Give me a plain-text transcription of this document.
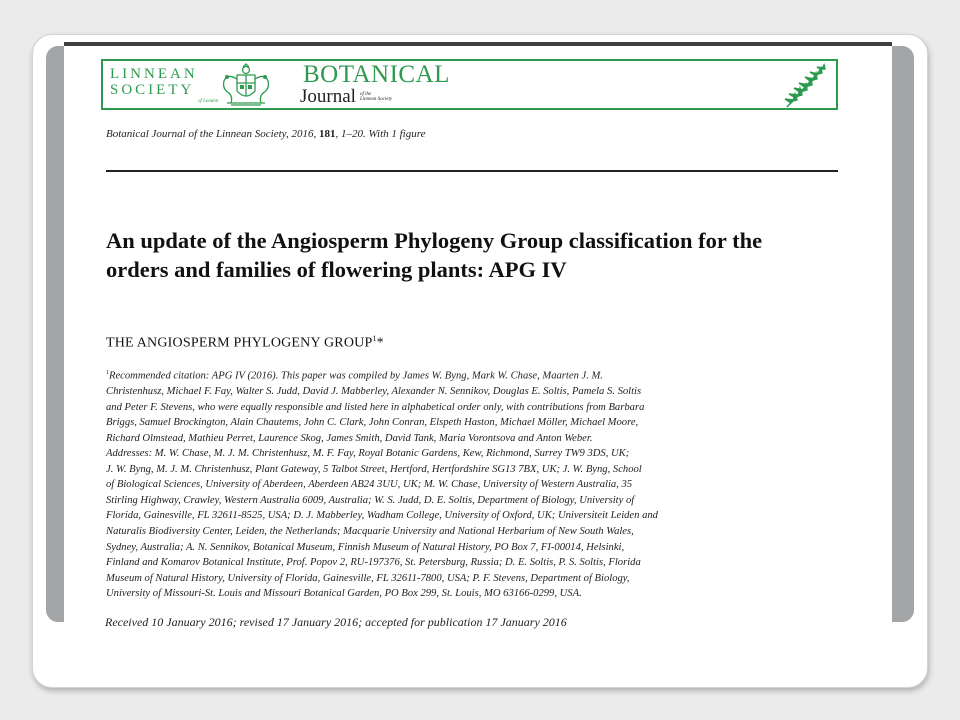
LINNEAN
SOCIETY
of London
BOTANICAL
Journal of the
Linnean Society
Botanical Journal of the Linnean Society, 2016, 181, 1–20. With 1 figure
An update of the Angiosperm Phylogeny Group classification for the orders and families of flowering plants: APG IV
THE ANGIOSPERM PHYLOGENY GROUP$^1$*

$^1$Recommended citation: APG IV (2016). This paper was compiled by James W. Byng, Mark W. Chase, Maarten J. M.

Christenhusz, Michael F. Fay, Walter S. Judd, David J. Mabberley, Alexander N. Sennikov, Douglas E. Soltis, Pamela S. Soltis

and Peter F. Stevens, who were equally responsible and listed here in alphabetical order only, with contributions from Barbara

Briggs, Samuel Brockington, Alain Chautems, John C. Clark, John Conran, Elspeth Haston, Michael Möller, Michael Moore,

Richard Olmstead, Mathieu Perret, Laurence Skog, James Smith, David Tank, Maria Vorontsova and Anton Weber.

Addresses: M. W. Chase, M. J. M. Christenhusz, M. F. Fay, Royal Botanic Gardens, Kew, Richmond, Surrey TW9 3DS, UK;

J. W. Byng, M. J. M. Christenhusz, Plant Gateway, 5 Talbot Street, Hertford, Hertfordshire SG13 7BX, UK; J. W. Byng, School

of Biological Sciences, University of Aberdeen, Aberdeen AB24 3UU, UK; M. W. Chase, University of Western Australia, 35

Stirling Highway, Crawley, Western Australia 6009, Australia; W. S. Judd, D. E. Soltis, Department of Biology, University of

Florida, Gainesville, FL 32611-8525, USA; D. J. Mabberley, Wadham College, University of Oxford, UK; Universiteit Leiden and

Naturalis Biodiversity Center, Leiden, the Netherlands; Macquarie University and National Herbarium of New South Wales,

Sydney, Australia; A. N. Sennikov, Botanical Museum, Finnish Museum of Natural History, PO Box 7, FI-00014, Helsinki,

Finland and Komarov Botanical Institute, Prof. Popov 2, RU-197376, St. Petersburg, Russia; D. E. Soltis, P. S. Soltis, Florida

Museum of Natural History, University of Florida, Gainesville, FL 32611-7800, USA; P. F. Stevens, Department of Biology,

University of Missouri-St. Louis and Missouri Botanical Garden, PO Box 299, St. Louis, MO 63166-0299, USA.

Received 10 January 2016; revised 17 January 2016; accepted for publication 17 January 2016
